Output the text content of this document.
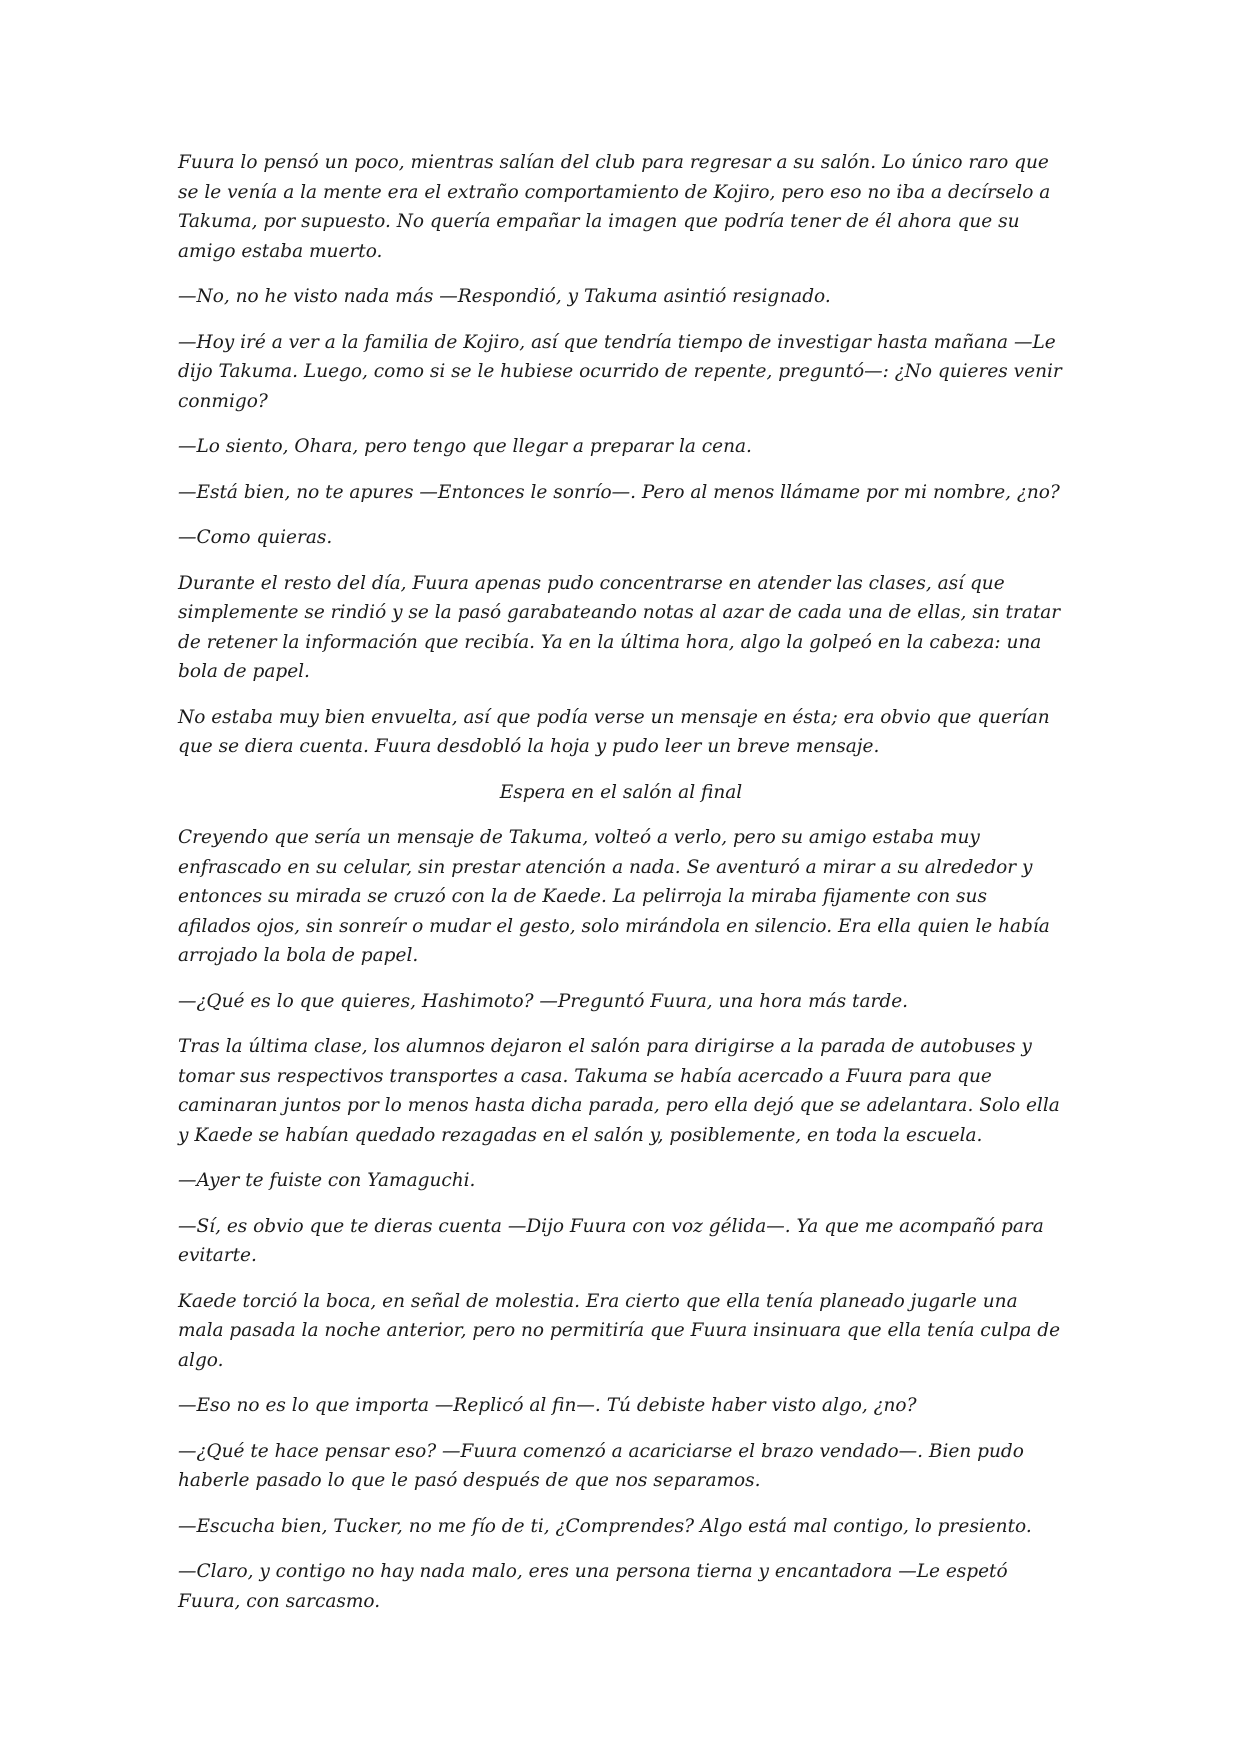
Fuura lo pensó un poco, mientras salían del club para regresar a su salón. Lo único raro que se le venía a la mente era el extraño comportamiento de Kojiro, pero eso no iba a decírselo a Takuma, por supuesto. No quería empañar la imagen que podría tener de él ahora que su amigo estaba muerto.

—No, no he visto nada más —Respondió, y Takuma asintió resignado.

—Hoy iré a ver a la familia de Kojiro, así que tendría tiempo de investigar hasta mañana —Le dijo Takuma. Luego, como si se le hubiese ocurrido de repente, preguntó—: ¿No quieres venir conmigo?

—Lo siento, Ohara, pero tengo que llegar a preparar la cena.

—Está bien, no te apures —Entonces le sonrío—. Pero al menos llámame por mi nombre, ¿no?

—Como quieras.

Durante el resto del día, Fuura apenas pudo concentrarse en atender las clases, así que simplemente se rindió y se la pasó garabateando notas al azar de cada una de ellas, sin tratar de retener la información que recibía. Ya en la última hora, algo la golpeó en la cabeza: una bola de papel.

No estaba muy bien envuelta, así que podía verse un mensaje en ésta; era obvio que querían que se diera cuenta. Fuura desdobló la hoja y pudo leer un breve mensaje.

Espera en el salón al final

Creyendo que sería un mensaje de Takuma, volteó a verlo, pero su amigo estaba muy enfrascado en su celular, sin prestar atención a nada. Se aventuró a mirar a su alrededor y entonces su mirada se cruzó con la de Kaede. La pelirroja la miraba fijamente con sus afilados ojos, sin sonreír o mudar el gesto, solo mirándola en silencio. Era ella quien le había arrojado la bola de papel.

—¿Qué es lo que quieres, Hashimoto? —Preguntó Fuura, una hora más tarde.

Tras la última clase, los alumnos dejaron el salón para dirigirse a la parada de autobuses y tomar sus respectivos transportes a casa. Takuma se había acercado a Fuura para que caminaran juntos por lo menos hasta dicha parada, pero ella dejó que se adelantara. Solo ella y Kaede se habían quedado rezagadas en el salón y, posiblemente, en toda la escuela.

—Ayer te fuiste con Yamaguchi.

—Sí, es obvio que te dieras cuenta —Dijo Fuura con voz gélida—. Ya que me acompañó para evitarte.

Kaede torció la boca, en señal de molestia. Era cierto que ella tenía planeado jugarle una mala pasada la noche anterior, pero no permitiría que Fuura insinuara que ella tenía culpa de algo.

—Eso no es lo que importa —Replicó al fin—. Tú debiste haber visto algo, ¿no?

—¿Qué te hace pensar eso? —Fuura comenzó a acariciarse el brazo vendado—. Bien pudo haberle pasado lo que le pasó después de que nos separamos.

—Escucha bien, Tucker, no me fío de ti, ¿Comprendes? Algo está mal contigo, lo presiento.

—Claro, y contigo no hay nada malo, eres una persona tierna y encantadora —Le espetó Fuura, con sarcasmo.
